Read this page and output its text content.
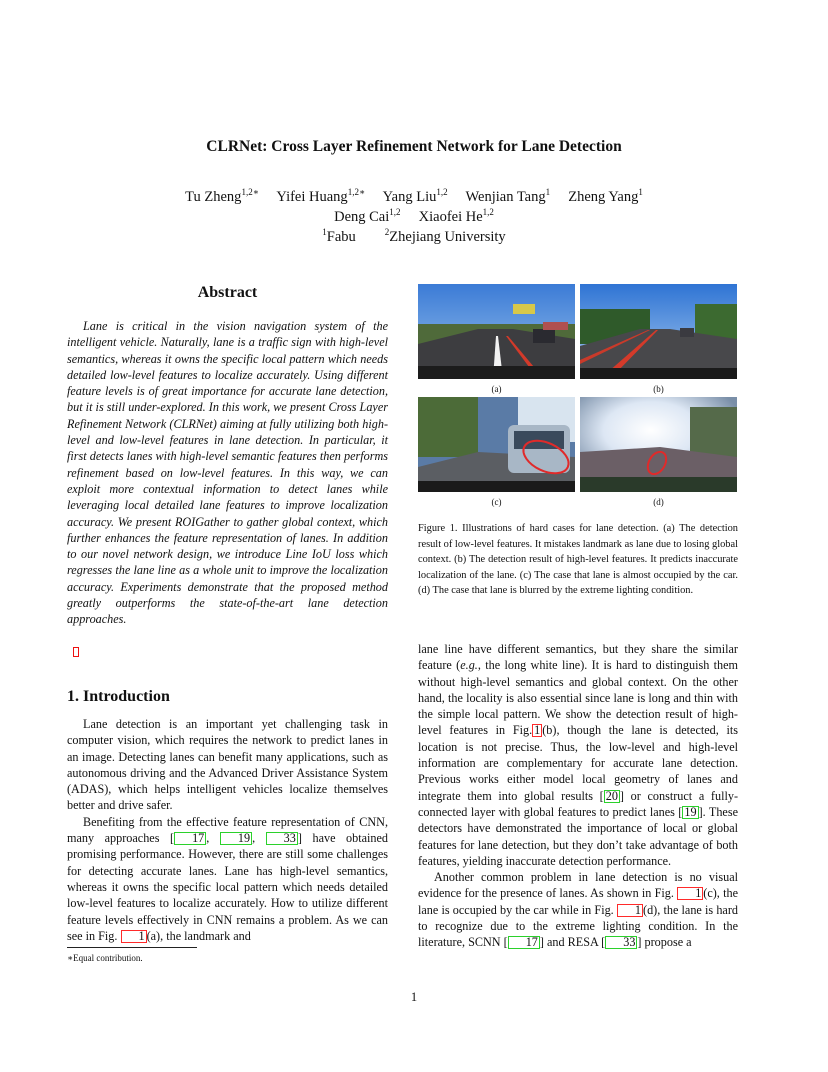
CLRNet: Cross Layer Refinement Network for Lane Detection
Tu Zheng$^{1,2∗}$ Yifei Huang$^{1,2∗}$ Yang Liu$^{1,2}$ Wenjian Tang$^1$ Zheng Yang$^1$
Deng Cai$^{1,2}$ Xiaofei He$^{1,2}$
$^1$Fabu	$^2$Zhejiang University
Abstract

Lane is critical in the vision navigation system of the intelligent vehicle. Naturally, lane is a traffic sign with high-level semantics, whereas it owns the specific local pattern which needs detailed low-level features to localize accurately. Using different feature levels is of great importance for accurate lane detection, but it is still under-explored. In this work, we present Cross Layer Refinement Network (CLRNet) aiming at fully utilizing both high-level and low-level features in lane detection. In particular, it first detects lanes with high-level semantic features then performs refinement based on low-level features. In this way, we can exploit more contextual information to detect lanes while leveraging local detailed lane features to improve localization accuracy. We present ROIGather to gather global context, which further enhances the feature representation of lanes. In addition to our novel network design, we introduce Line IoU loss which regresses the lane line as a whole unit to improve the localization accuracy. Experiments demonstrate that the proposed method greatly outperforms the state-of-the-art lane detection approaches.

1. Introduction

Lane detection is an important yet challenging task in computer vision, which requires the network to predict lanes in an image. Detecting lanes can benefit many applications, such as autonomous driving and the Advanced Driver Assistance System (ADAS), which helps intelligent vehicles localize themselves better and drive safer.

Benefiting from the effective feature representation of CNN, many approaches [ 17 , 19 , 33 ] have obtained promising performance. However, there are still some challenges for detecting accurate lanes. Lane has high-level semantics, whereas it owns the specific local pattern which needs detailed low-level features to localize accurately. How to utilize different feature levels effectively in CNN remains a problem. As we can see in Fig. 1 (a), the landmark and

(a)	(b)
(c)	(d)
Figure 1. Illustrations of hard cases for lane detection. (a) The detection result of low-level features. It mistakes landmark as lane due to losing global context. (b) The detection result of high-level features. It predicts inaccurate localization of the lane. (c) The case that lane is almost occupied by the car. (d) The case that lane is blurred by the extreme lighting condition.

lane line have different semantics, but they share the similar feature (e.g., the long white line). It is hard to distinguish them without high-level semantics and global context. On the other hand, the locality is also essential since lane is long and thin with the simple local pattern. We show the detection result of high-level features in Fig. 1 (b), though the lane is detected, its location is not precise. Thus, the low-level and high-level information are complementary for accurate lane detection. Previous works either model local geometry of lanes and integrate them into global results [ 20 ] or construct a fully-connected layer with global features to predict lanes [ 19 ]. These detectors have demonstrated the importance of local or global features for lane detection, but they don’t take advantage of both features, yielding inaccurate detection performance.

Another common problem in lane detection is no visual evidence for the presence of lanes. As shown in Fig. 1 (c), the lane is occupied by the car while in Fig. 1 (d), the lane is hard to recognize due to the extreme lighting condition. In the literature, SCNN [ 17 ] and RESA [ 33 ] propose a

∗Equal contribution.
1
